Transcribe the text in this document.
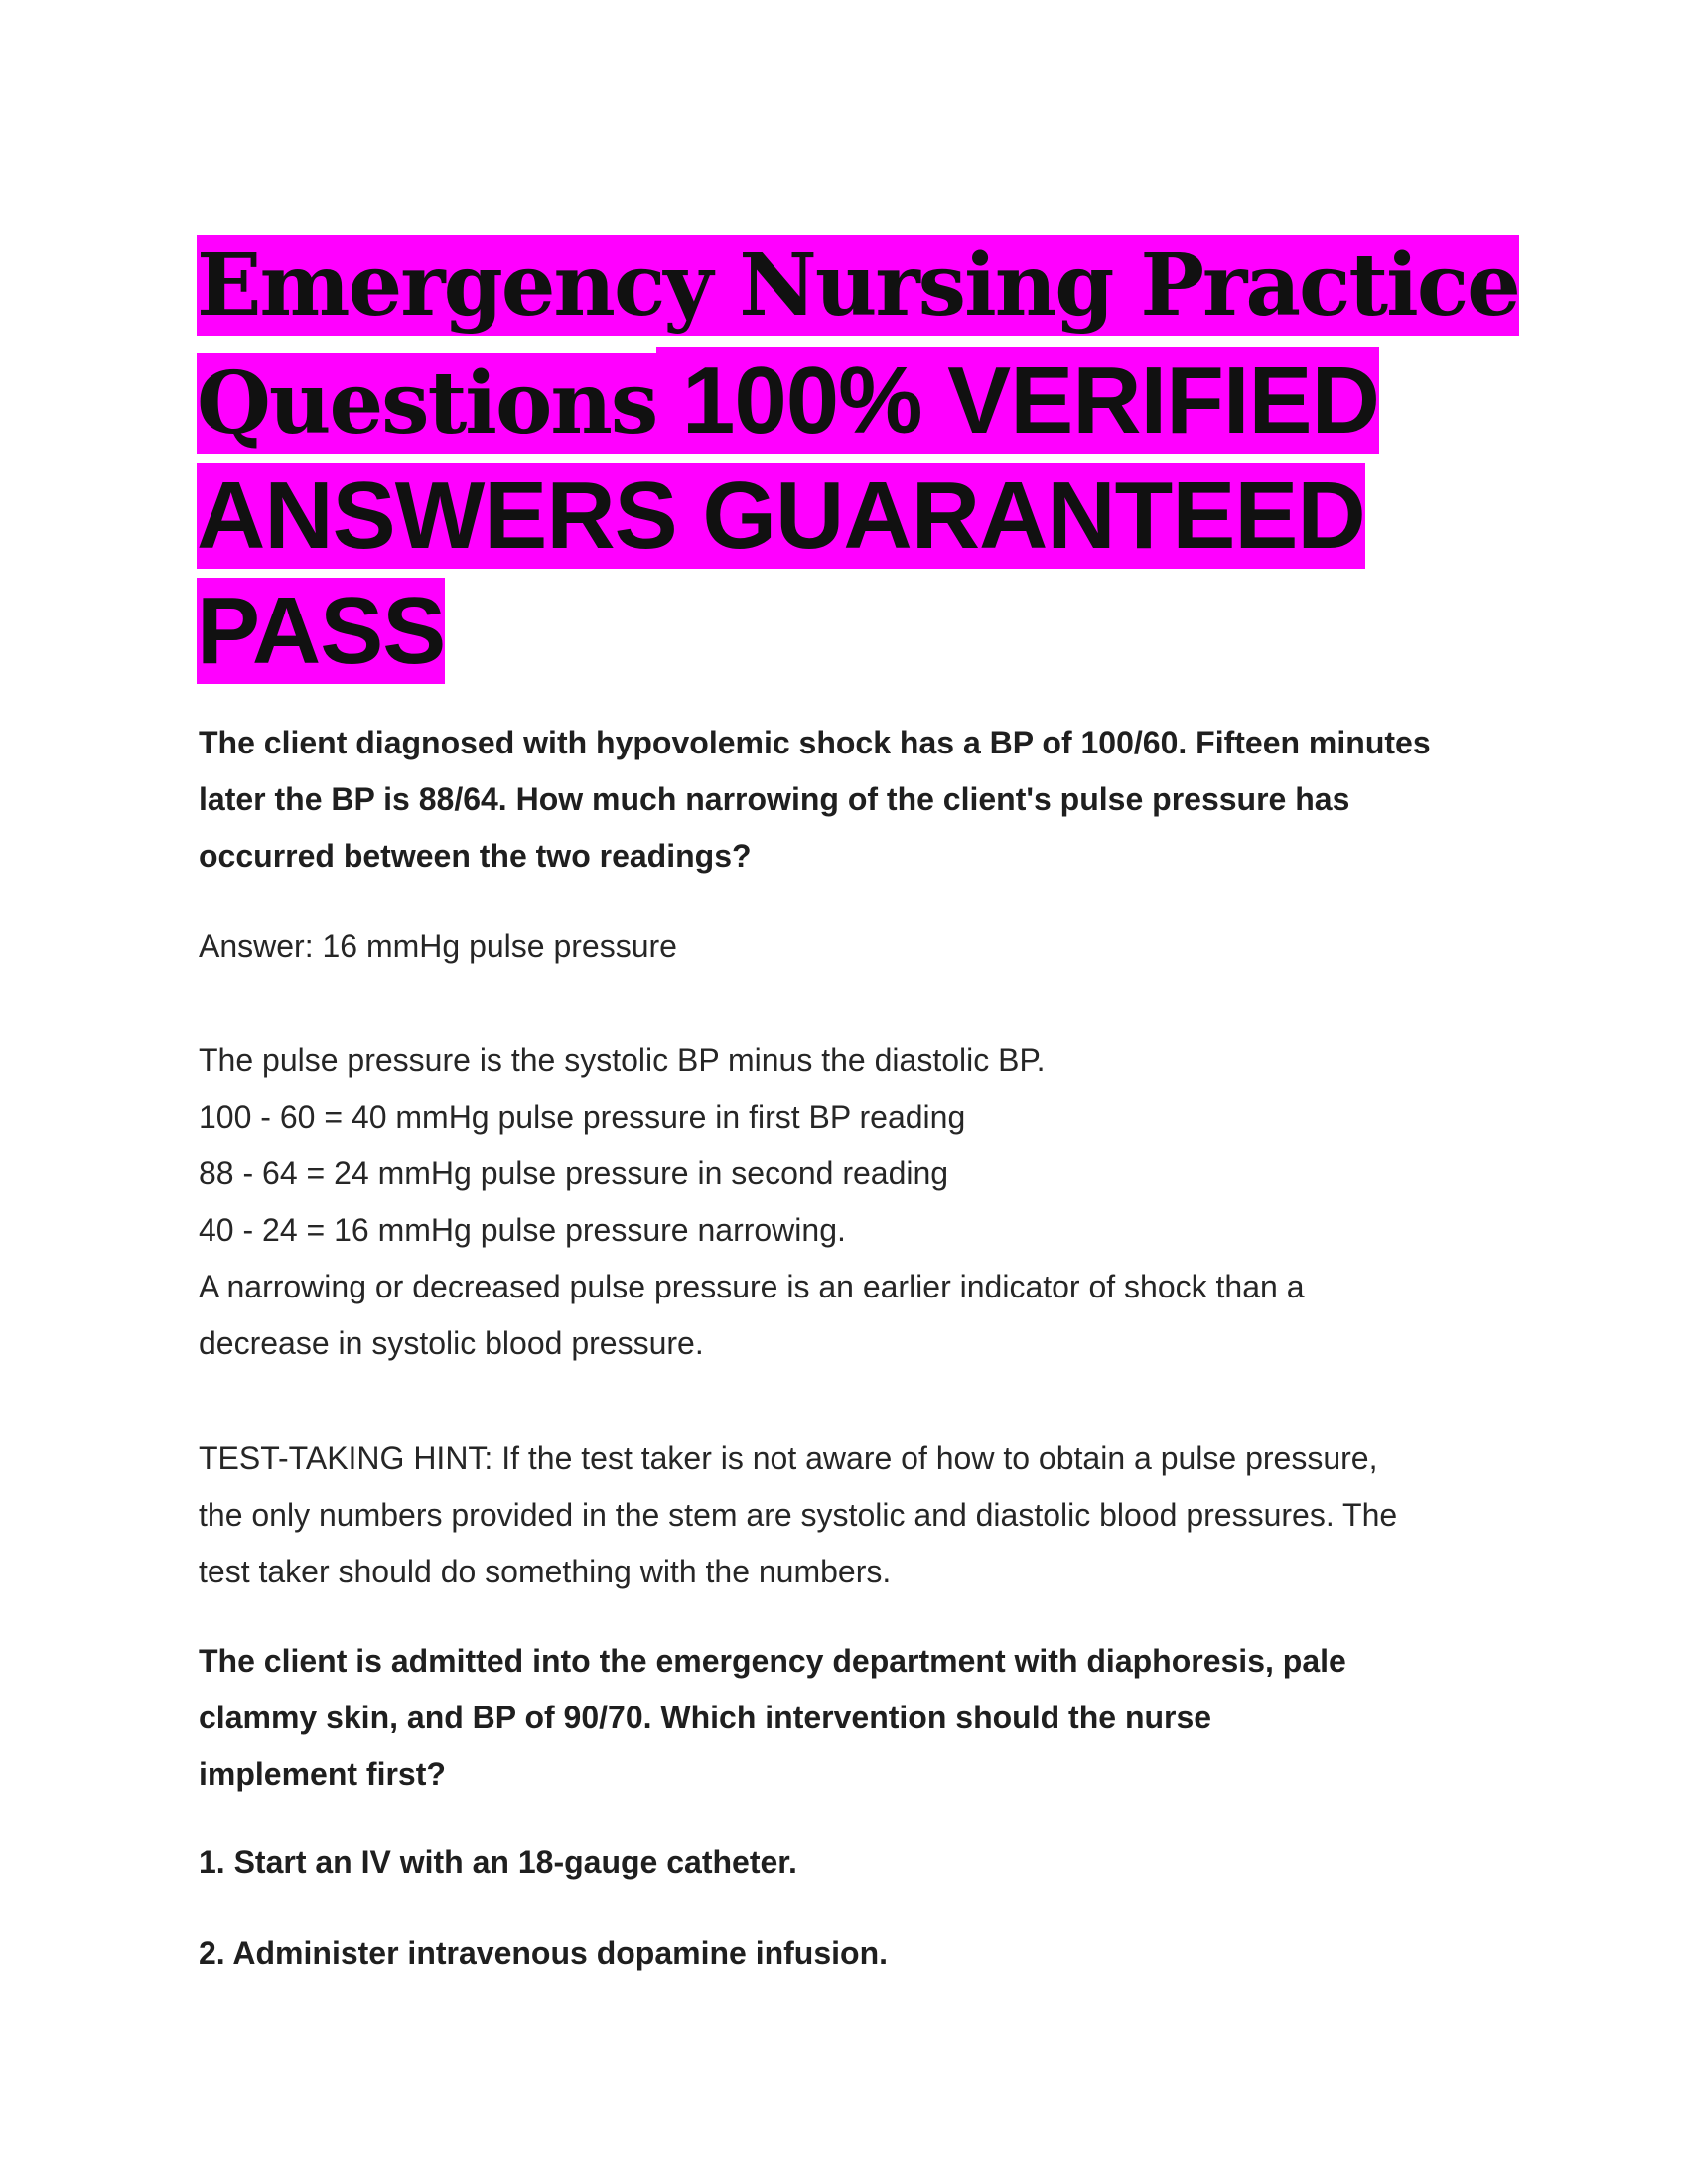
Emergency Nursing Practice
Questions 100% VERIFIED
ANSWERS GUARANTEED
PASS

The client diagnosed with hypovolemic shock has a BP of 100/60. Fifteen minutes
later the BP is 88/64. How much narrowing of the client's pulse pressure has
occurred between the two readings?

Answer: 16 mmHg pulse pressure

The pulse pressure is the systolic BP minus the diastolic BP.
100 - 60 = 40 mmHg pulse pressure in first BP reading
88 - 64 = 24 mmHg pulse pressure in second reading
40 - 24 = 16 mmHg pulse pressure narrowing.
A narrowing or decreased pulse pressure is an earlier indicator of shock than a
decrease in systolic blood pressure.

TEST-TAKING HINT: If the test taker is not aware of how to obtain a pulse pressure,
the only numbers provided in the stem are systolic and diastolic blood pressures. The
test taker should do something with the numbers.

The client is admitted into the emergency department with diaphoresis, pale
clammy skin, and BP of 90/70. Which intervention should the nurse
implement first?

1. Start an IV with an 18-gauge catheter.

2. Administer intravenous dopamine infusion.
